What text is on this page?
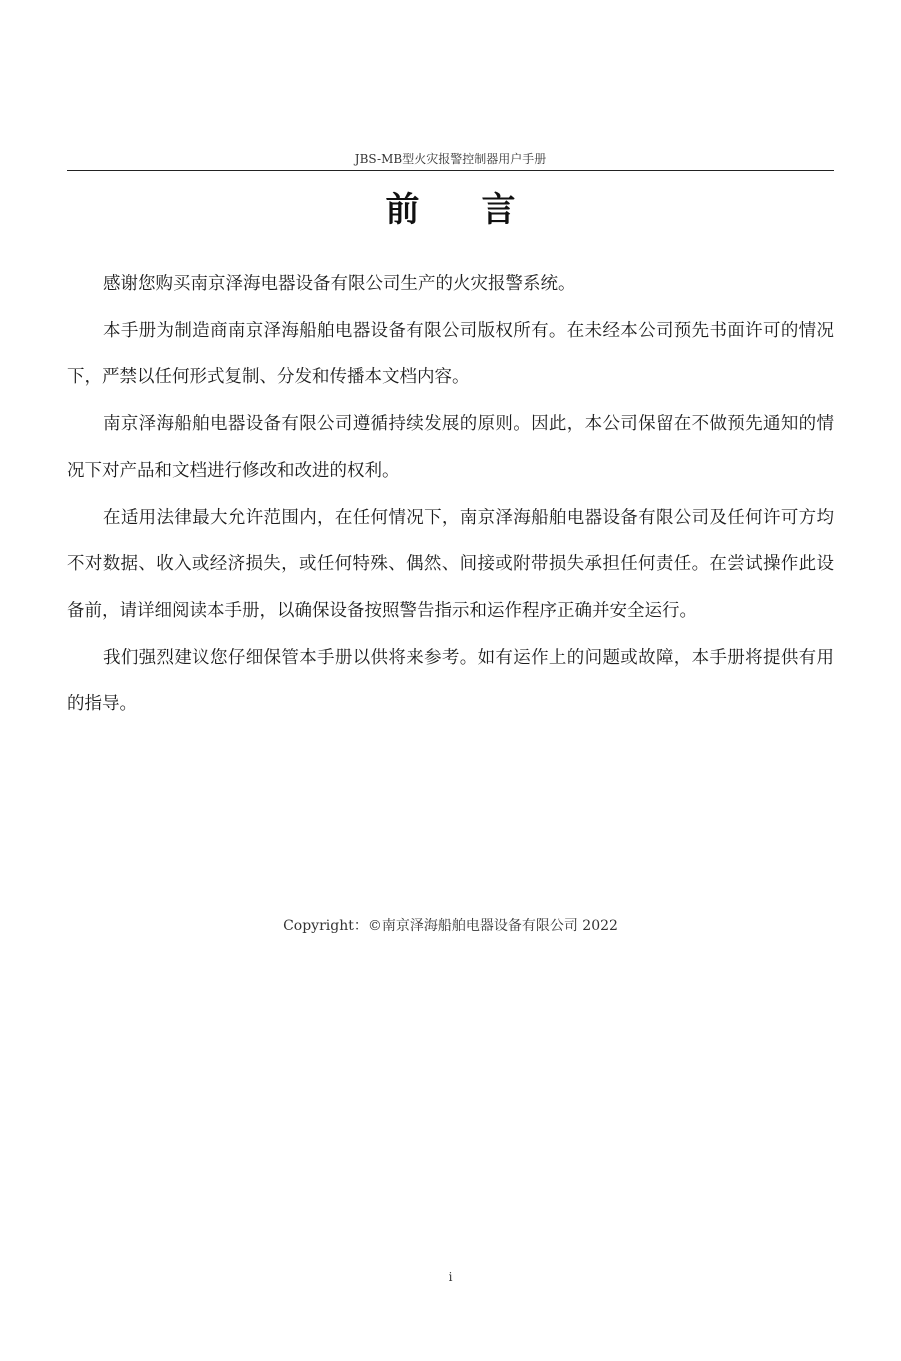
JBS-MB型火灾报警控制器用户手册
前言

感谢您购买南京泽海电器设备有限公司生产的火灾报警系统。

本手册为制造商南京泽海船舶电器设备有限公司版权所有。在未经本公司预先书面许可的情况下，严禁以任何形式复制、分发和传播本文档内容。

南京泽海船舶电器设备有限公司遵循持续发展的原则。因此，本公司保留在不做预先通知的情况下对产品和文档进行修改和改进的权利。

在适用法律最大允许范围内，在任何情况下，南京泽海船舶电器设备有限公司及任何许可方均不对数据、收入或经济损失，或任何特殊、偶然、间接或附带损失承担任何责任。在尝试操作此设备前，请详细阅读本手册，以确保设备按照警告指示和运作程序正确并安全运行。

我们强烈建议您仔细保管本手册以供将来参考。如有运作上的问题或故障，本手册将提供有用的指导。

Copyright：©南京泽海船舶电器设备有限公司 2022
i
